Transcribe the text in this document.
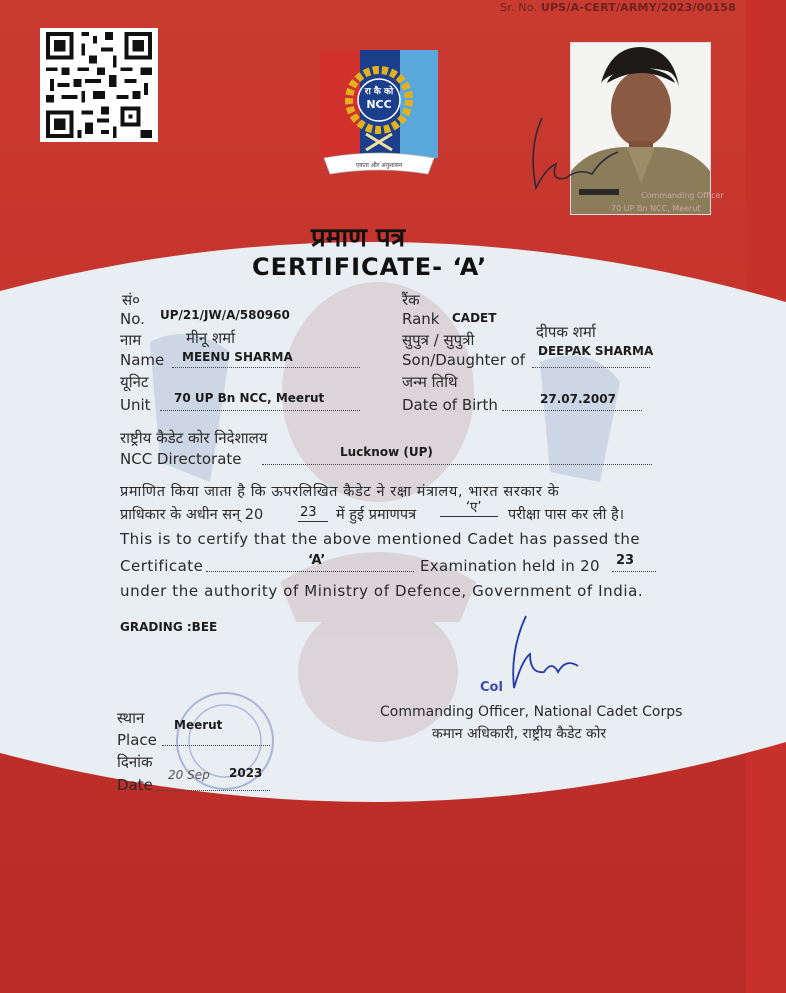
Sr. No. UPS/A-CERT/ARMY/2023/00158
रा कै को
NCC
एकता और अनुशासन
Commanding Officer
70 UP Bn NCC, Meerut
प्रमाण पत्र
CERTIFICATE- ‘A’
सं०
No. UP/21/JW/A/580960
रैंक
Rank CADET
नाम	मीनू शर्मा
Name MEENU SHARMA
सुपुत्र / सुपुत्री	दीपक शर्मा
Son/Daughter of DEEPAK SHARMA
यूनिट
Unit 70 UP Bn NCC, Meerut
जन्म तिथि
Date of Birth	27.07.2007
राष्ट्रीय कैडेट कोर निदेशालय
NCC Directorate	Lucknow (UP)
प्रमाणित किया जाता है कि ऊपरलिखित कैडेट ने रक्षा मंत्रालय, भारत सरकार के
प्राधिकार के अधीन सन् 20	23 में हुई प्रमाणपत्र	‘ए’ परीक्षा पास कर ली है।
This is to certify that the above mentioned Cadet has passed the
Certificate	‘A’	Examination held in 20 23
under the authority of Ministry of Defence, Government of India.
GRADING :BEE
स्थान
Place
Meerut
दिनांक
Date
20 Sep 2023
Col
Commanding Officer, National Cadet Corps
कमान अधिकारी, राष्ट्रीय कैडेट कोर
